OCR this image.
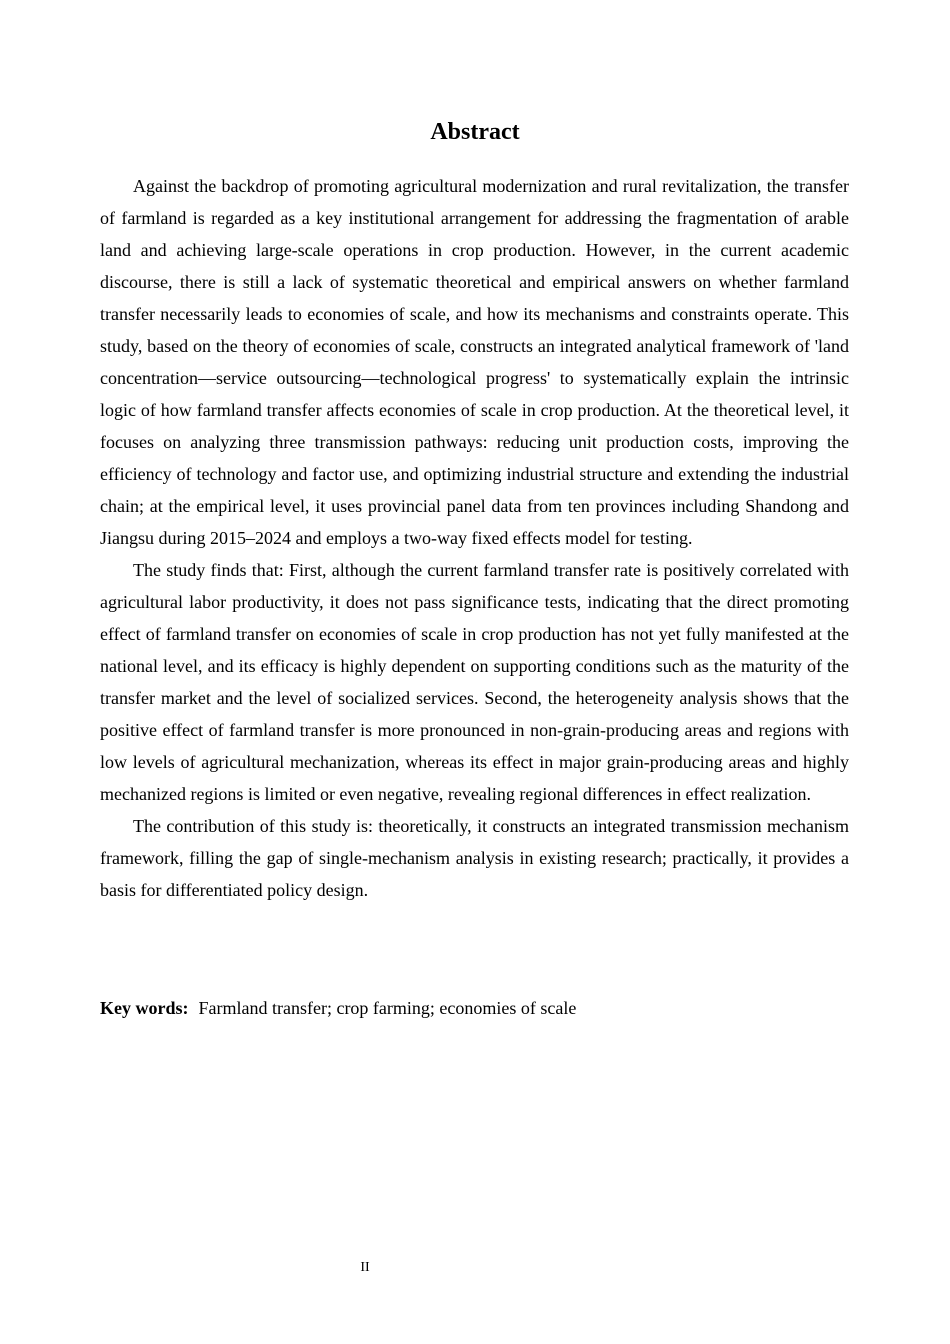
Abstract

Against the backdrop of promoting agricultural modernization and rural revitalization, the transfer of farmland is regarded as a key institutional arrangement for addressing the fragmentation of arable land and achieving large-scale operations in crop production. However, in the current academic discourse, there is still a lack of systematic theoretical and empirical answers on whether farmland transfer necessarily leads to economies of scale, and how its mechanisms and constraints operate. This study, based on the theory of economies of scale, constructs an integrated analytical framework of 'land concentration—service outsourcing—technological progress' to systematically explain the intrinsic logic of how farmland transfer affects economies of scale in crop production. At the theoretical level, it focuses on analyzing three transmission pathways: reducing unit production costs, improving the efficiency of technology and factor use, and optimizing industrial structure and extending the industrial chain; at the empirical level, it uses provincial panel data from ten provinces including Shandong and Jiangsu during 2015–2024 and employs a two-way fixed effects model for testing.

The study finds that: First, although the current farmland transfer rate is positively correlated with agricultural labor productivity, it does not pass significance tests, indicating that the direct promoting effect of farmland transfer on economies of scale in crop production has not yet fully manifested at the national level, and its efficacy is highly dependent on supporting conditions such as the maturity of the transfer market and the level of socialized services. Second, the heterogeneity analysis shows that the positive effect of farmland transfer is more pronounced in non-grain-producing areas and regions with low levels of agricultural mechanization, whereas its effect in major grain-producing areas and highly mechanized regions is limited or even negative, revealing regional differences in effect realization.

The contribution of this study is: theoretically, it constructs an integrated transmission mechanism framework, filling the gap of single-mechanism analysis in existing research; practically, it provides a basis for differentiated policy design.

Key words: Farmland transfer; crop farming; economies of scale

II
